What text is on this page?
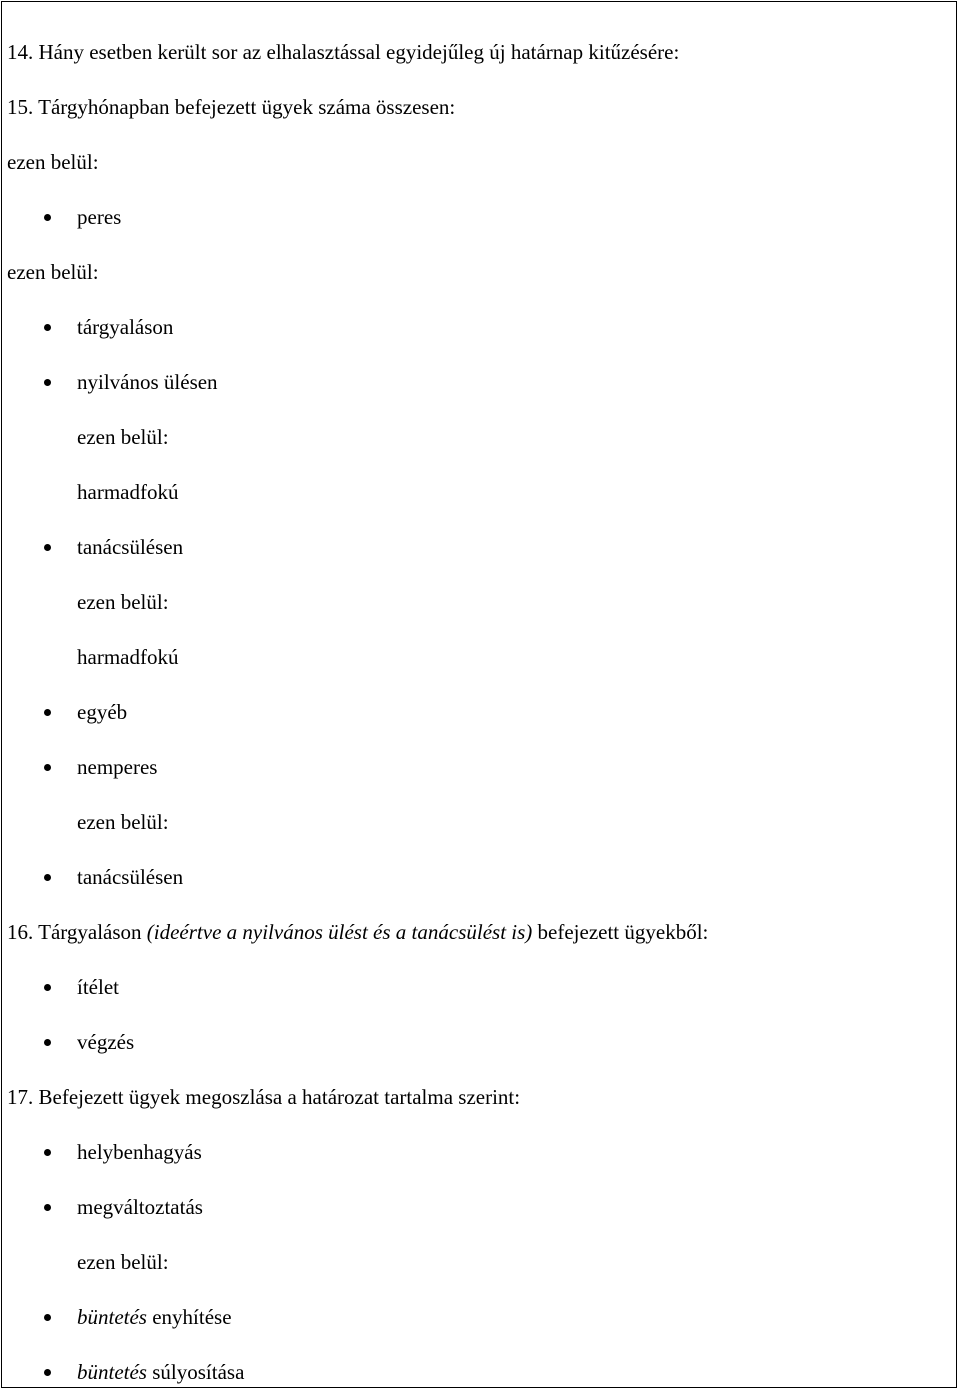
14. Hány esetben került sor az elhalasztással egyidejűleg új határnap kitűzésére:
15. Tárgyhónapban befejezett ügyek száma összesen:
ezen belül:
peres
ezen belül:
tárgyaláson
nyilvános ülésen
ezen belül:
harmadfokú
tanácsülésen
ezen belül:
harmadfokú
egyéb
nemperes
ezen belül:
tanácsülésen
16. Tárgyaláson (ideértve a nyilvános ülést és a tanácsülést is) befejezett ügyekből:
ítélet
végzés
17. Befejezett ügyek megoszlása a határozat tartalma szerint:
helybenhagyás
megváltoztatás
ezen belül:
büntetés enyhítése
büntetés súlyosítása
